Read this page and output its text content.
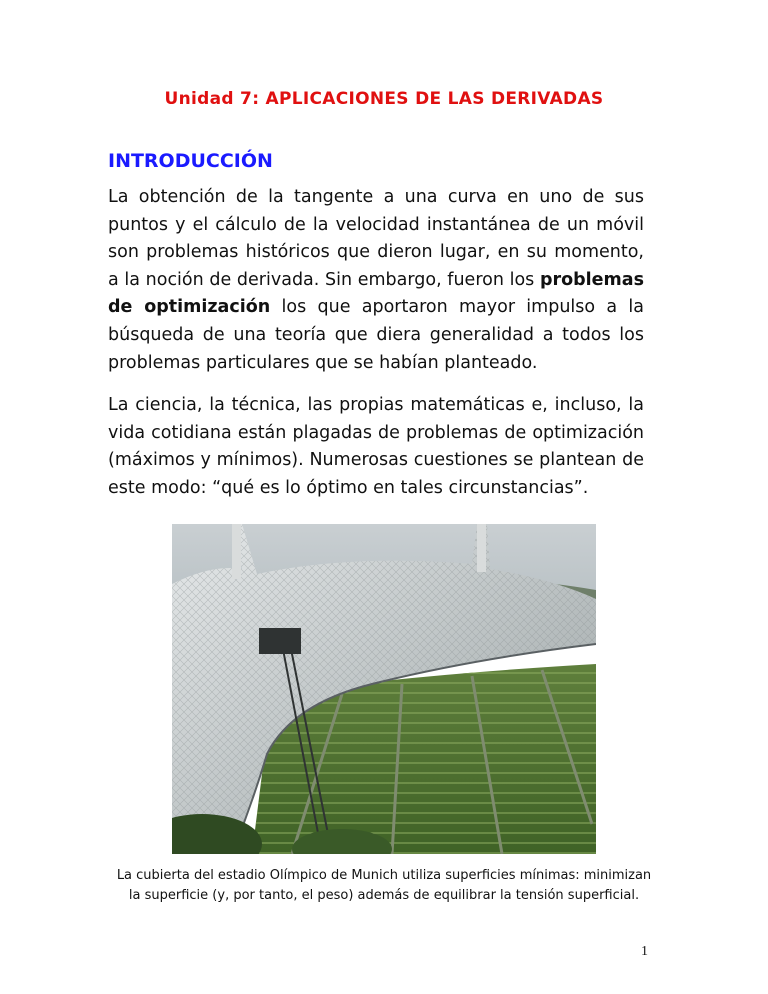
Unidad 7: APLICACIONES DE LAS DERIVADAS
INTRODUCCIÓN

La obtención de la tangente a una curva en uno de sus puntos y el cálculo de la velocidad instantánea de un móvil son problemas históricos que dieron lugar, en su momento, a la noción de derivada. Sin embargo, fueron los problemas de optimización los que aportaron mayor impulso a la búsqueda de una teoría que diera generalidad a todos los problemas particulares que se habían planteado.

La ciencia, la técnica, las propias matemáticas e, incluso, la vida cotidiana están plagadas de problemas de optimización (máximos y mínimos). Numerosas cuestiones se plantean de este modo: “qué es lo óptimo en tales circunstancias”.

La cubierta del estadio Olímpico de Munich utiliza superficies mínimas: minimizan
la superficie (y, por tanto, el peso) además de equilibrar la tensión superficial.

1
